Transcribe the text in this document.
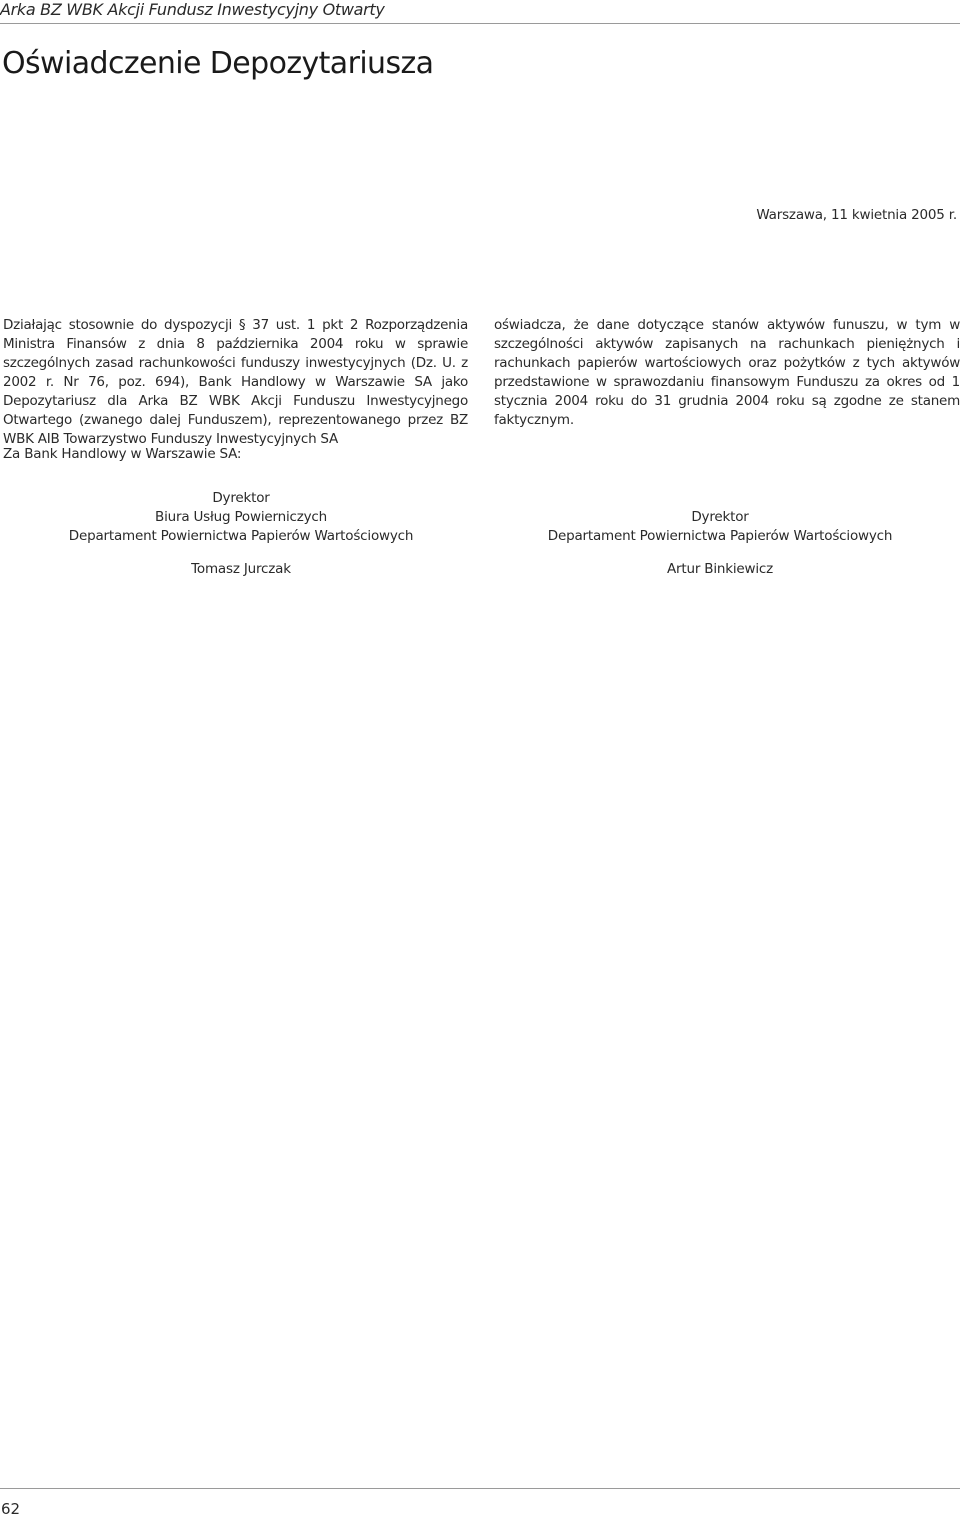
Arka BZ WBK Akcji Fundusz Inwestycyjny Otwarty
Oświadczenie Depozytariusza
Warszawa, 11 kwietnia 2005 r.

Działając stosownie do dyspozycji § 37 ust. 1 pkt 2 Rozporządzenia Ministra Finansów z dnia 8 października 2004 roku w sprawie szczególnych zasad rachunkowości funduszy inwestycyjnych (Dz. U. z 2002 r. Nr 76, poz. 694), Bank Handlowy w Warszawie SA jako Depozytariusz dla Arka BZ WBK Akcji Funduszu Inwestycyjnego Otwartego (zwanego dalej Funduszem), reprezentowanego przez BZ WBK AIB Towarzystwo Funduszy Inwestycyjnych SA

oświadcza, że dane dotyczące stanów aktywów funuszu, w tym w szczególności aktywów zapisanych na rachunkach pieniężnych i rachunkach papierów wartościowych oraz pożytków z tych aktywów przedstawione w sprawozdaniu finansowym Funduszu za okres od 1 stycznia 2004 roku do 31 grudnia 2004 roku są zgodne ze stanem faktycznym.

Za Bank Handlowy w Warszawie SA:
Dyrektor
Biura Usług Powierniczych
Departament Powiernictwa Papierów Wartościowych
Tomasz Jurczak
Dyrektor
Departament Powiernictwa Papierów Wartościowych
Artur Binkiewicz
62
